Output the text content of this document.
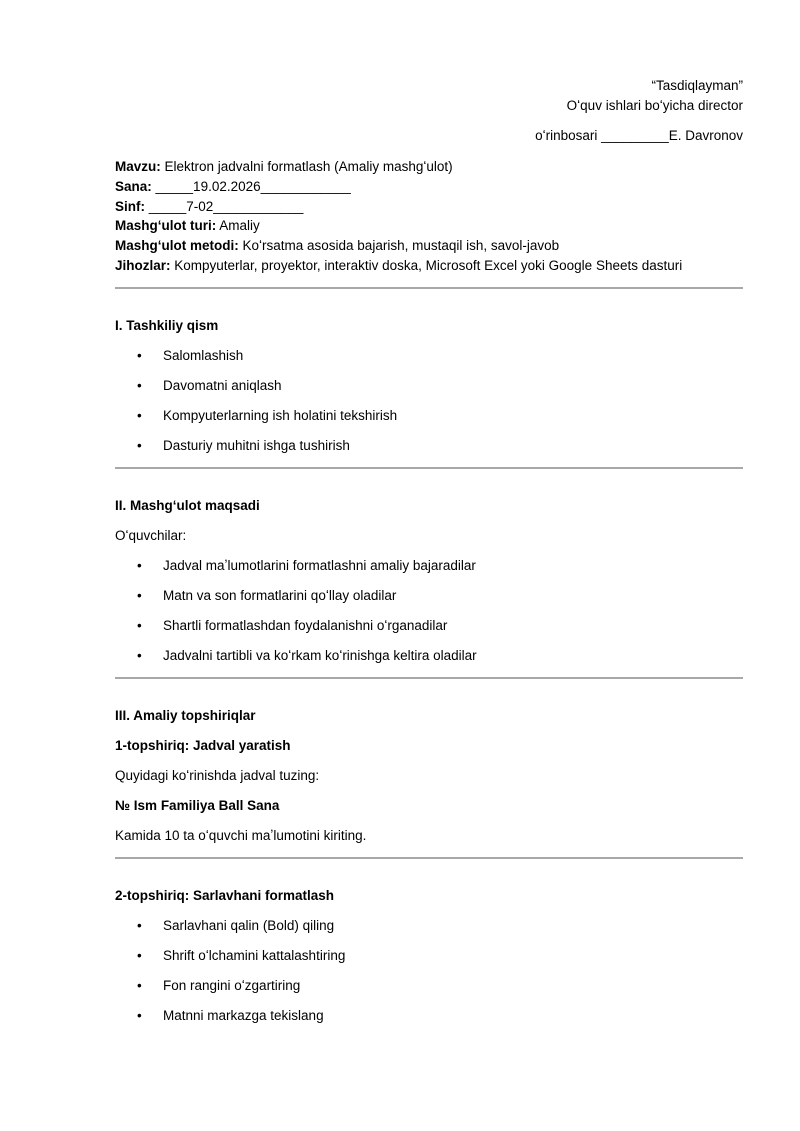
“Tasdiqlayman”
Oʻquv ishlari boʻyicha director
oʻrinbosari _________E. Davronov
Mavzu: Elektron jadvalni formatlash (Amaliy mashgʻulot)
Sana: _____19.02.2026____________
Sinf: _____7-02____________
Mashgʻulot turi: Amaliy
Mashgʻulot metodi: Koʻrsatma asosida bajarish, mustaqil ish, savol-javob
Jihozlar: Kompyuterlar, proyektor, interaktiv doska, Microsoft Excel yoki Google Sheets dasturi
I. Tashkiliy qism
• Salomlashish
• Davomatni aniqlash
• Kompyuterlarning ish holatini tekshirish
• Dasturiy muhitni ishga tushirish
II. Mashgʻulot maqsadi
Oʻquvchilar:
• Jadval maʼlumotlarini formatlashni amaliy bajaradilar
• Matn va son formatlarini qoʻllay oladilar
• Shartli formatlashdan foydalanishni oʻrganadilar
• Jadvalni tartibli va koʻrkam koʻrinishga keltira oladilar
III. Amaliy topshiriqlar
1-topshiriq: Jadval yaratish
Quyidagi koʻrinishda jadval tuzing:
№ Ism Familiya Ball Sana
Kamida 10 ta oʻquvchi maʼlumotini kiriting.
2-topshiriq: Sarlavhani formatlash
• Sarlavhani qalin (Bold) qiling
• Shrift oʻlchamini kattalashtiring
• Fon rangini oʻzgartiring
• Matnni markazga tekislang
